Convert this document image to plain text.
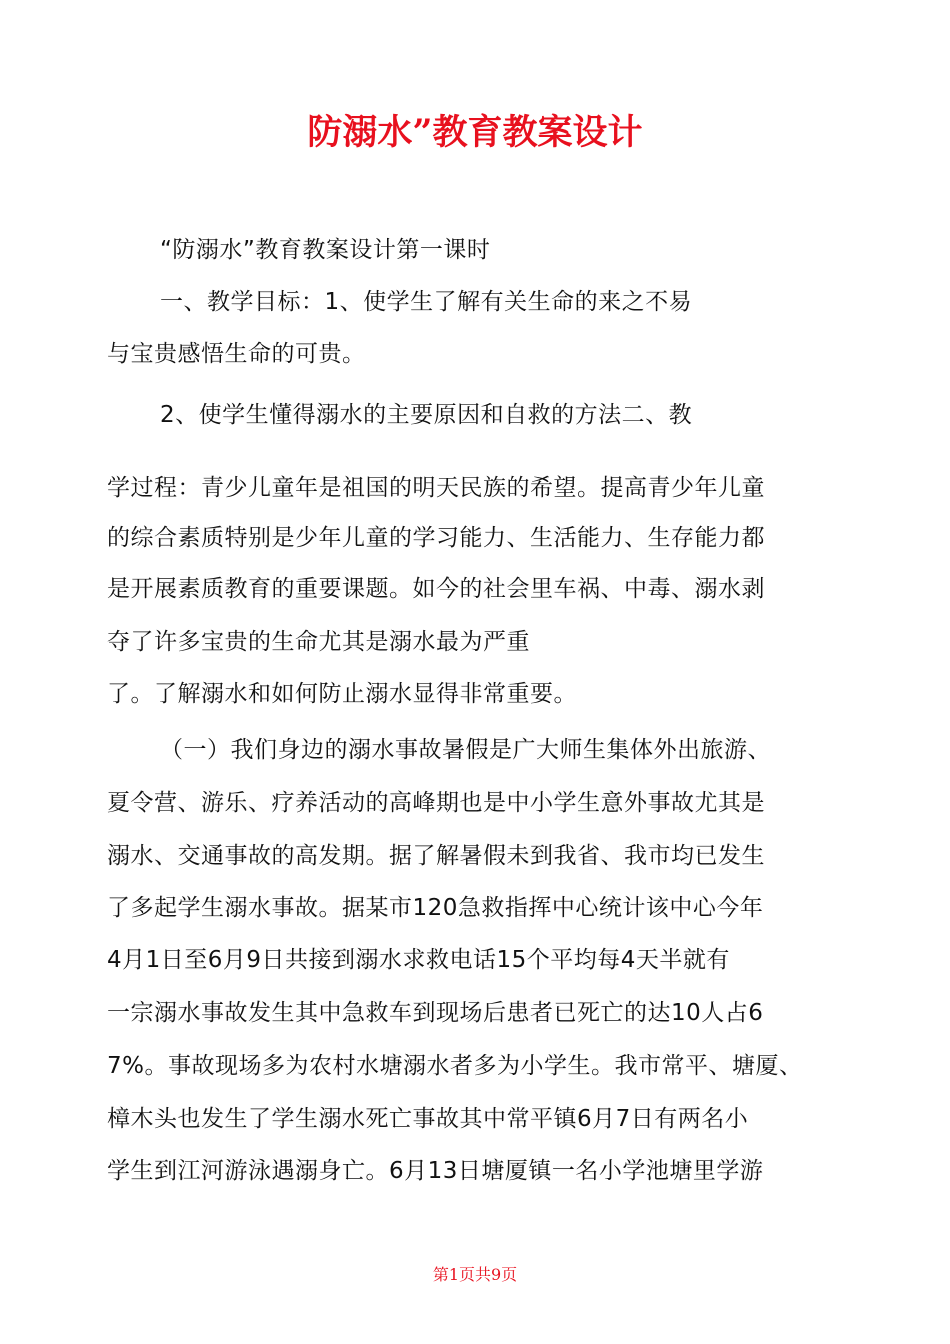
防溺水”教育教案设计

“防溺水”教育教案设计第一课时

一、教学目标：1、使学生了解有关生命的来之不易

与宝贵感悟生命的可贵。

2、使学生懂得溺水的主要原因和自救的方法二、教

学过程：青少儿童年是祖国的明天民族的希望。提高青少年儿童

的综合素质特别是少年儿童的学习能力、生活能力、生存能力都

是开展素质教育的重要课题。如今的社会里车祸、中毒、溺水剥

夺了许多宝贵的生命尤其是溺水最为严重

了。了解溺水和如何防止溺水显得非常重要。

（一）我们身边的溺水事故暑假是广大师生集体外出旅游、

夏令营、游乐、疗养活动的高峰期也是中小学生意外事故尤其是

溺水、交通事故的高发期。据了解暑假未到我省、我市均已发生

了多起学生溺水事故。据某市120急救指挥中心统计该中心今年

4月1日至6月9日共接到溺水求救电话15个平均每4天半就有

一宗溺水事故发生其中急救车到现场后患者已死亡的达10人占6

7%。事故现场多为农村水塘溺水者多为小学生。我市常平、塘厦、

樟木头也发生了学生溺水死亡事故其中常平镇6月7日有两名小

学生到江河游泳遇溺身亡。6月13日塘厦镇一名小学池塘里学游

第1页共9页
